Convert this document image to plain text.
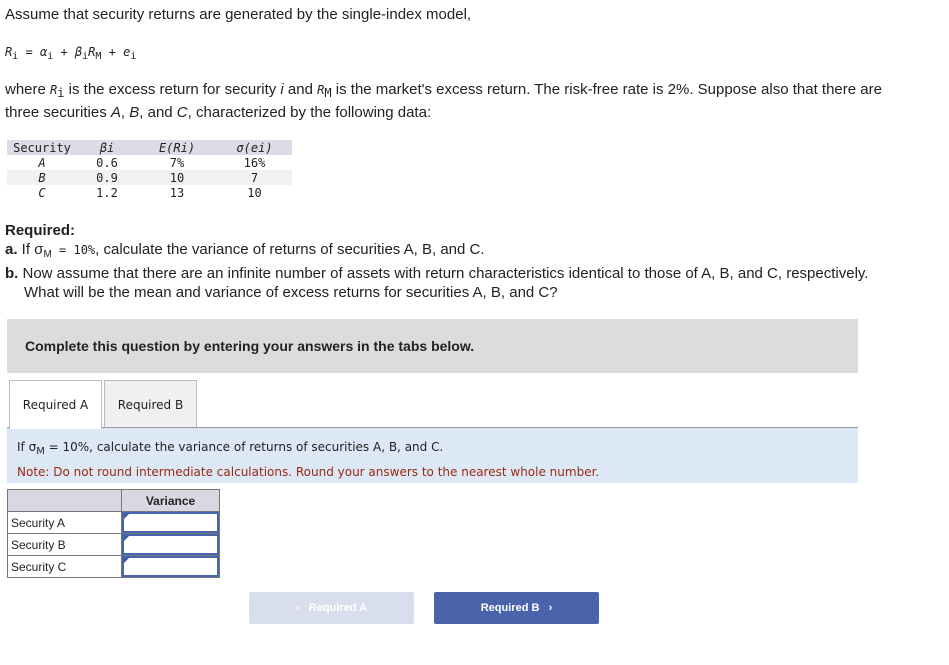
Assume that security returns are generated by the single-index model,
$R_i = \alpha_i + \beta_iR_M + e_i$
where $R_i$ is the excess return for security i and $R_M$ is the market's excess return. The risk-free rate is 2%. Suppose also that there are
three securities A, B, and C, characterized by the following data:
Security	βi	E(Ri)	σ(ei)
A	0.6	7%	16%
B	0.9	10	7
C	1.2	13	10
Required:
a. If $\sigma_M = 10\%$, calculate the variance of returns of securities A, B, and C.
b. Now assume that there are an infinite number of assets with return characteristics identical to those of A, B, and C, respectively.
What will be the mean and variance of excess returns for securities A, B, and C?
Complete this question by entering your answers in the tabs below.
Required A	Required B
If $\sigma_M = 10\%$, calculate the variance of returns of securities A, B, and C.
Note: Do not round intermediate calculations. Round your answers to the nearest whole number.
	Variance
Security A	

Security B	

Security C	
‹ Required A	Required B ›
